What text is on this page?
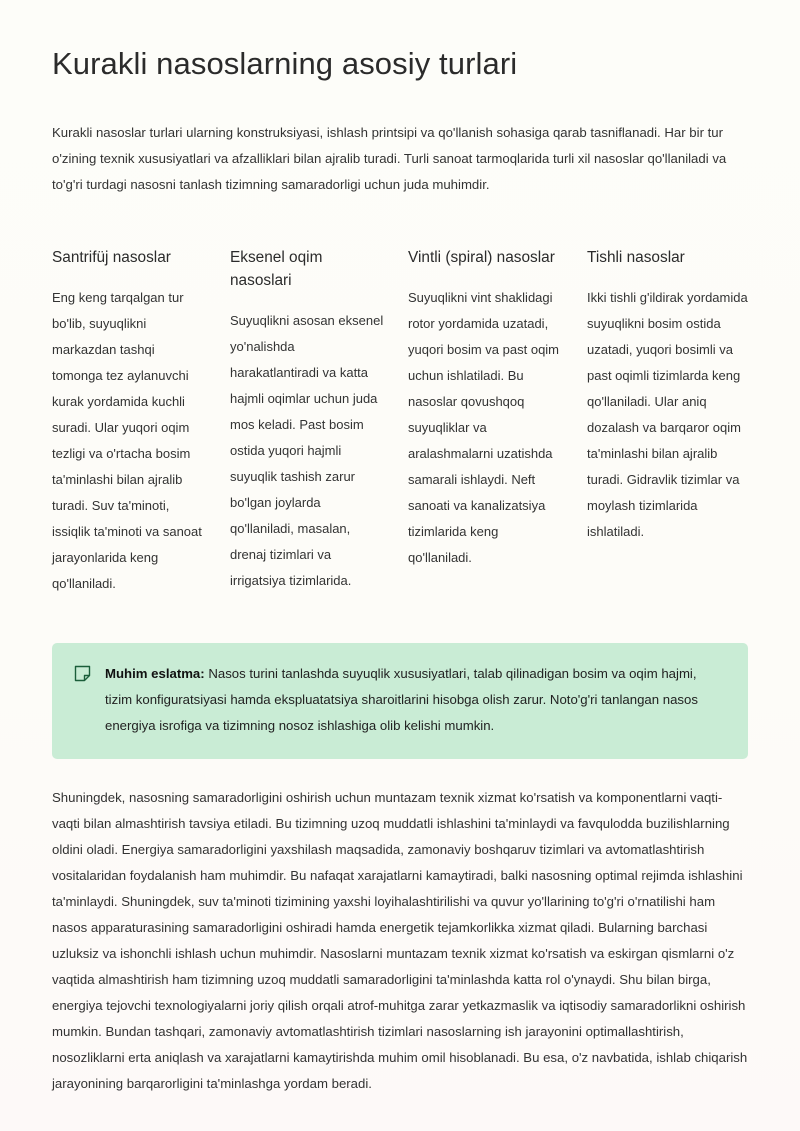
Kurakli nasoslarning asosiy turlari

Kurakli nasoslar turlari ularning konstruksiyasi, ishlash printsipi va qo'llanish sohasiga qarab tasniflanadi. Har bir tur o'zining texnik xususiyatlari va afzalliklari bilan ajralib turadi. Turli sanoat tarmoqlarida turli xil nasoslar qo'llaniladi va to'g'ri turdagi nasosni tanlash tizimning samaradorligi uchun juda muhimdir.

Santrifüj nasoslar

Eng keng tarqalgan tur bo'lib, suyuqlikni markazdan tashqi tomonga tez aylanuvchi kurak yordamida kuchli suradi. Ular yuqori oqim tezligi va o'rtacha bosim ta'minlashi bilan ajralib turadi. Suv ta'minoti, issiqlik ta'minoti va sanoat jarayonlarida keng qo'llaniladi.

Eksenel oqim nasoslari

Suyuqlikni asosan eksenel yo'nalishda harakatlantiradi va katta hajmli oqimlar uchun juda mos keladi. Past bosim ostida yuqori hajmli suyuqlik tashish zarur bo'lgan joylarda qo'llaniladi, masalan, drenaj tizimlari va irrigatsiya tizimlarida.

Vintli (spiral) nasoslar

Suyuqlikni vint shaklidagi rotor yordamida uzatadi, yuqori bosim va past oqim uchun ishlatiladi. Bu nasoslar qovushqoq suyuqliklar va aralashmalarni uzatishda samarali ishlaydi. Neft sanoati va kanalizatsiya tizimlarida keng qo'llaniladi.

Tishli nasoslar

Ikki tishli g'ildirak yordamida suyuqlikni bosim ostida uzatadi, yuqori bosimli va past oqimli tizimlarda keng qo'llaniladi. Ular aniq dozalash va barqaror oqim ta'minlashi bilan ajralib turadi. Gidravlik tizimlar va moylash tizimlarida ishlatiladi.

Muhim eslatma: Nasos turini tanlashda suyuqlik xususiyatlari, talab qilinadigan bosim va oqim hajmi, tizim konfiguratsiyasi hamda ekspluatatsiya sharoitlarini hisobga olish zarur. Noto'g'ri tanlangan nasos energiya isrofiga va tizimning nosoz ishlashiga olib kelishi mumkin.

Shuningdek, nasosning samaradorligini oshirish uchun muntazam texnik xizmat ko'rsatish va komponentlarni vaqti-vaqti bilan almashtirish tavsiya etiladi. Bu tizimning uzoq muddatli ishlashini ta'minlaydi va favqulodda buzilishlarning oldini oladi. Energiya samaradorligini yaxshilash maqsadida, zamonaviy boshqaruv tizimlari va avtomatlashtirish vositalaridan foydalanish ham muhimdir. Bu nafaqat xarajatlarni kamaytiradi, balki nasosning optimal rejimda ishlashini ta'minlaydi. Shuningdek, suv ta'minoti tizimining yaxshi loyihalashtirilishi va quvur yo'llarining to'g'ri o'rnatilishi ham nasos apparaturasining samaradorligini oshiradi hamda energetik tejamkorlikka xizmat qiladi. Bularning barchasi uzluksiz va ishonchli ishlash uchun muhimdir. Nasoslarni muntazam texnik xizmat ko'rsatish va eskirgan qismlarni o'z vaqtida almashtirish ham tizimning uzoq muddatli samaradorligini ta'minlashda katta rol o'ynaydi. Shu bilan birga, energiya tejovchi texnologiyalarni joriy qilish orqali atrof-muhitga zarar yetkazmaslik va iqtisodiy samaradorlikni oshirish mumkin. Bundan tashqari, zamonaviy avtomatlashtirish tizimlari nasoslarning ish jarayonini optimallashtirish, nosozliklarni erta aniqlash va xarajatlarni kamaytirishda muhim omil hisoblanadi. Bu esa, o'z navbatida, ishlab chiqarish jarayonining barqarorligini ta'minlashga yordam beradi.
